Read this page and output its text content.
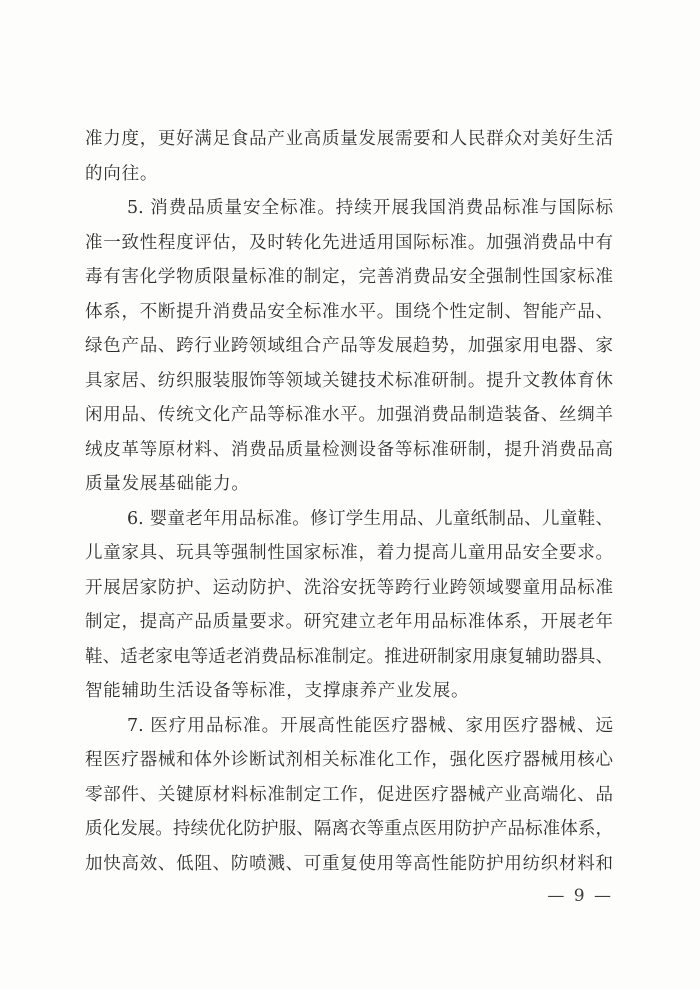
准力度，更好满足食品产业高质量发展需要和人民群众对美好生活
的向往。
5. 消费品质量安全标准。持续开展我国消费品标准与国际标
准一致性程度评估，及时转化先进适用国际标准。加强消费品中有
毒有害化学物质限量标准的制定，完善消费品安全强制性国家标准
体系，不断提升消费品安全标准水平。围绕个性定制、智能产品、
绿色产品、跨行业跨领域组合产品等发展趋势，加强家用电器、家
具家居、纺织服装服饰等领域关键技术标准研制。提升文教体育休
闲用品、传统文化产品等标准水平。加强消费品制造装备、丝绸羊
绒皮革等原材料、消费品质量检测设备等标准研制，提升消费品高
质量发展基础能力。
6. 婴童老年用品标准。修订学生用品、儿童纸制品、儿童鞋、
儿童家具、玩具等强制性国家标准，着力提高儿童用品安全要求。
开展居家防护、运动防护、洗浴安抚等跨行业跨领域婴童用品标准
制定，提高产品质量要求。研究建立老年用品标准体系，开展老年
鞋、适老家电等适老消费品标准制定。推进研制家用康复辅助器具、
智能辅助生活设备等标准，支撑康养产业发展。
7. 医疗用品标准。开展高性能医疗器械、家用医疗器械、远
程医疗器械和体外诊断试剂相关标准化工作，强化医疗器械用核心
零部件、关键原材料标准制定工作，促进医疗器械产业高端化、品
质化发展。持续优化防护服、隔离衣等重点医用防护产品标准体系，
加快高效、低阻、防喷溅、可重复使用等高性能防护用纺织材料和
— 9 —
